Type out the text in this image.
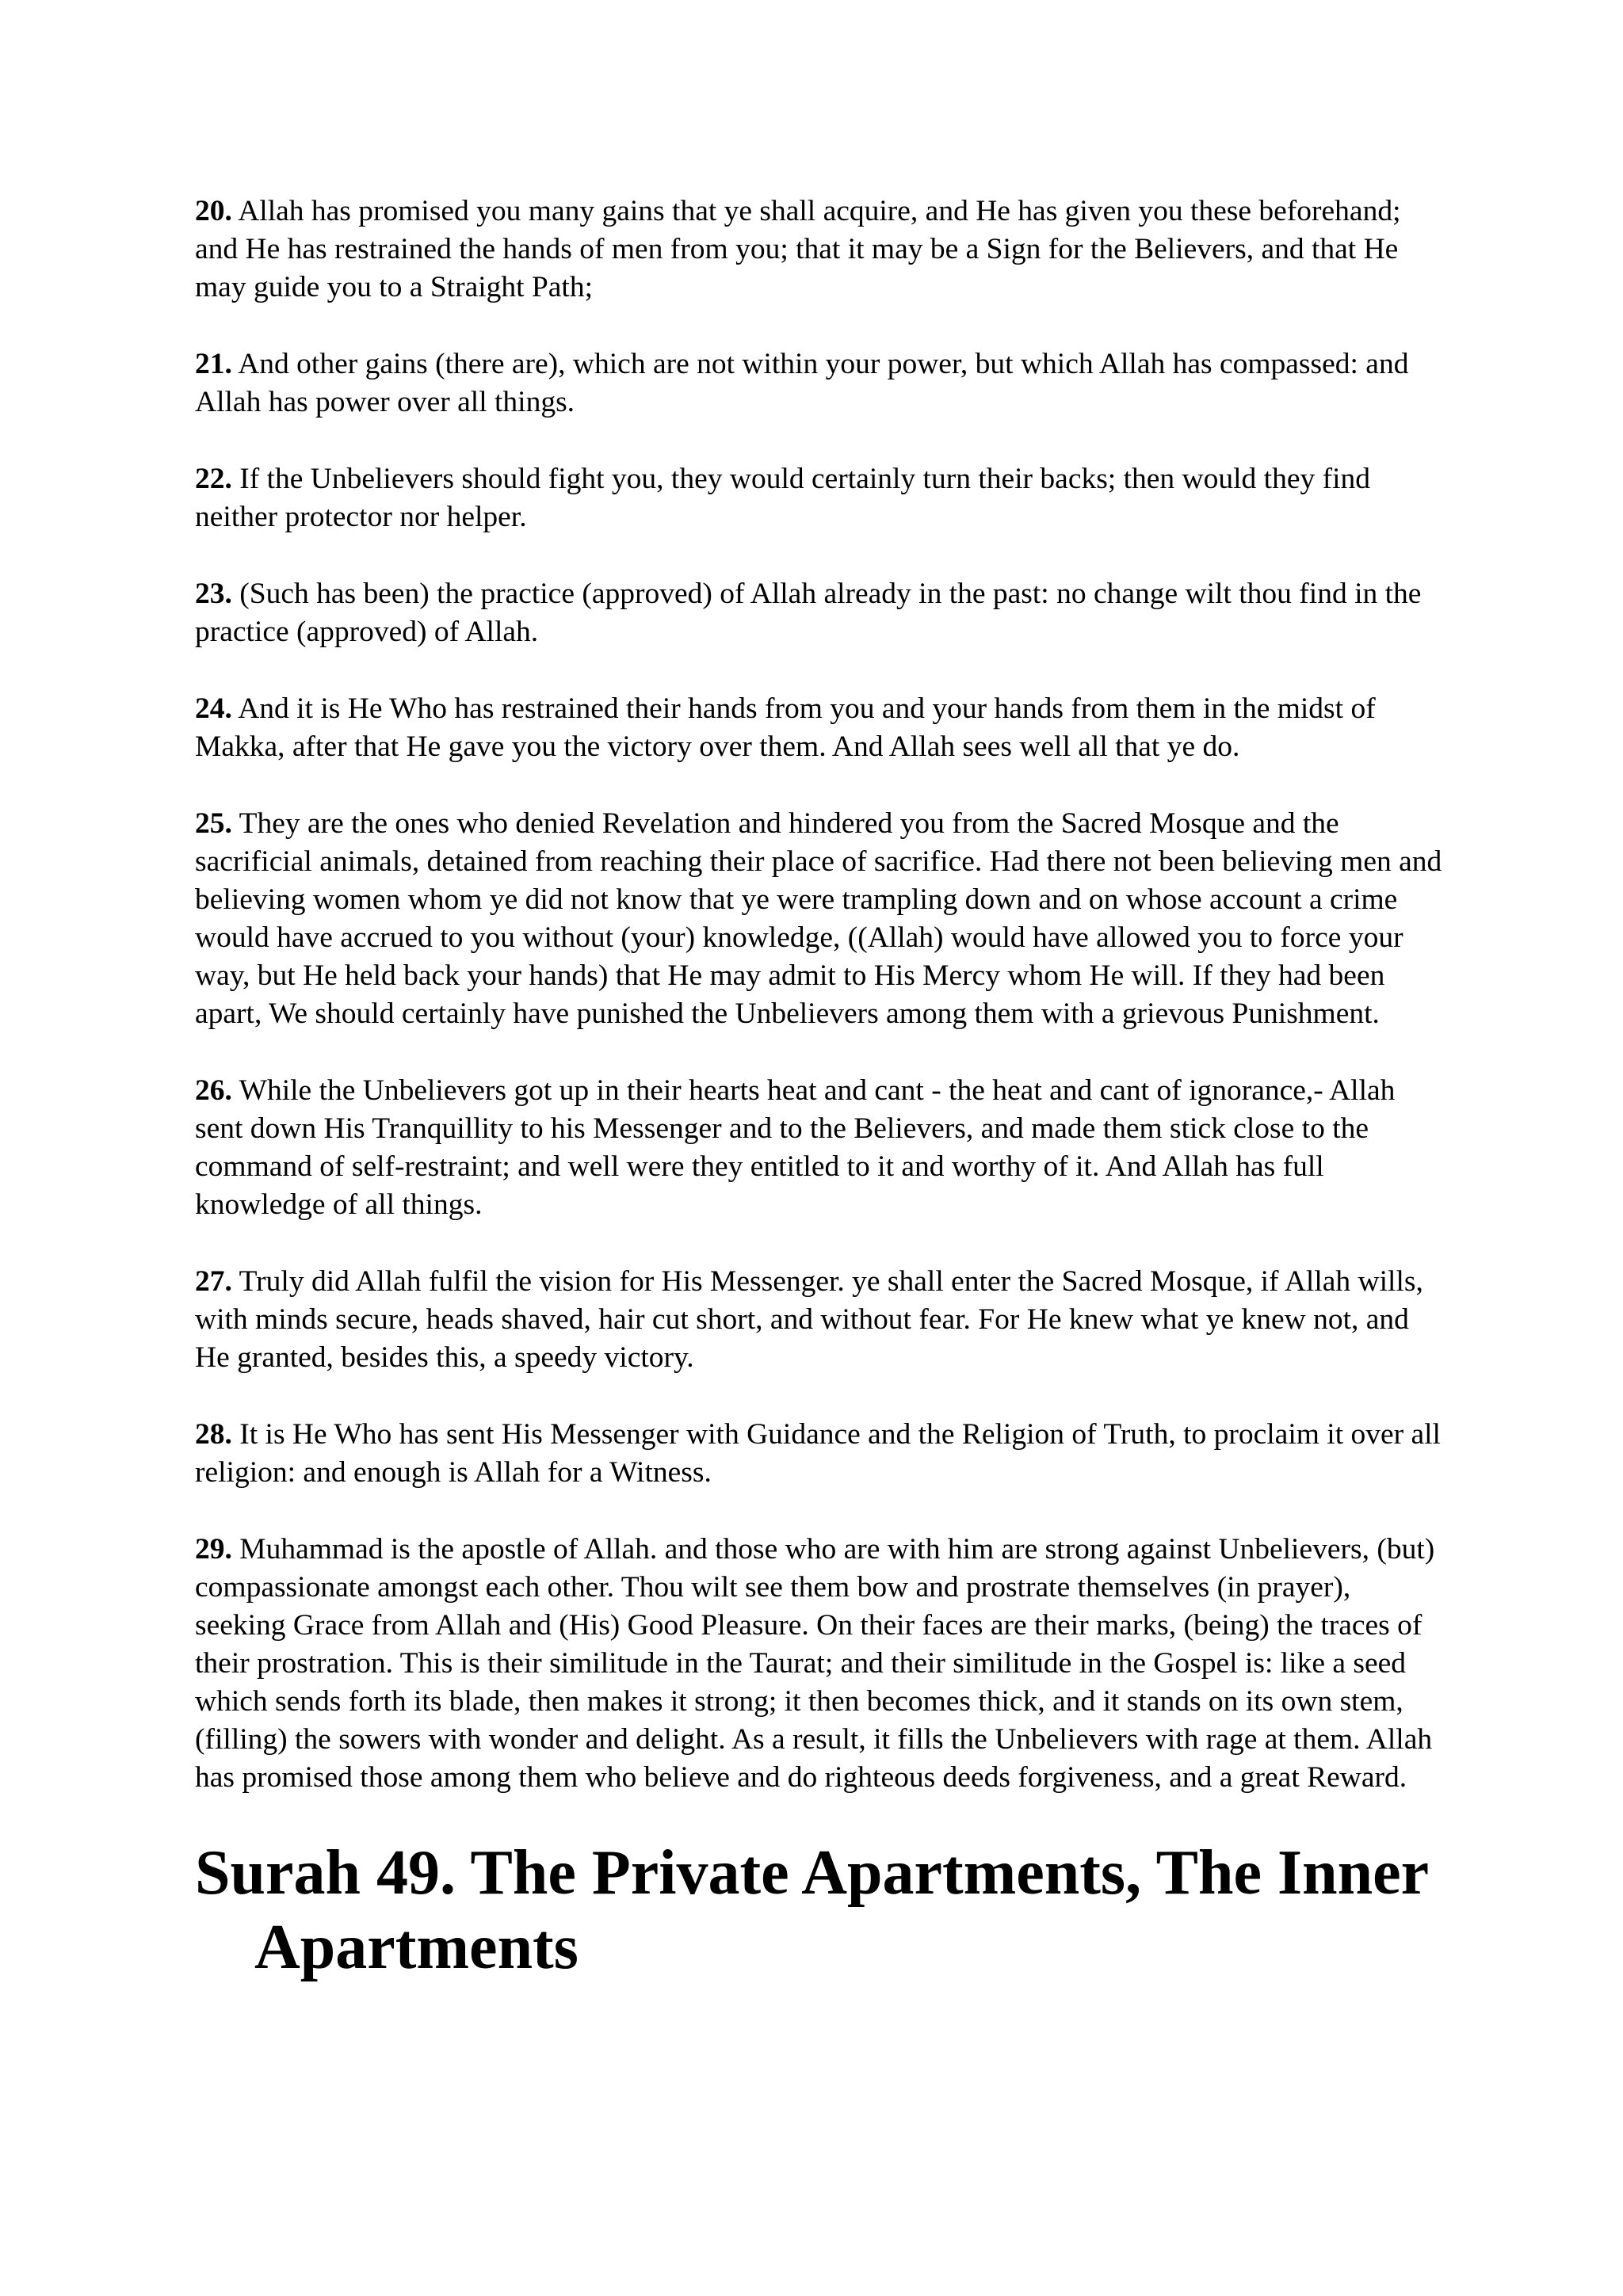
20. Allah has promised you many gains that ye shall acquire, and He has given you these beforehand; and He has restrained the hands of men from you; that it may be a Sign for the Believers, and that He may guide you to a Straight Path;

21. And other gains (there are), which are not within your power, but which Allah has compassed: and Allah has power over all things.

22. If the Unbelievers should fight you, they would certainly turn their backs; then would they find neither protector nor helper.

23. (Such has been) the practice (approved) of Allah already in the past: no change wilt thou find in the practice (approved) of Allah.

24. And it is He Who has restrained their hands from you and your hands from them in the midst of Makka, after that He gave you the victory over them. And Allah sees well all that ye do.

25. They are the ones who denied Revelation and hindered you from the Sacred Mosque and the sacrificial animals, detained from reaching their place of sacrifice. Had there not been believing men and believing women whom ye did not know that ye were trampling down and on whose account a crime would have accrued to you without (your) knowledge, ((Allah) would have allowed you to force your way, but He held back your hands) that He may admit to His Mercy whom He will. If they had been apart, We should certainly have punished the Unbelievers among them with a grievous Punishment.

26. While the Unbelievers got up in their hearts heat and cant - the heat and cant of ignorance,- Allah sent down His Tranquillity to his Messenger and to the Believers, and made them stick close to the command of self-restraint; and well were they entitled to it and worthy of it. And Allah has full knowledge of all things.

27. Truly did Allah fulfil the vision for His Messenger. ye shall enter the Sacred Mosque, if Allah wills, with minds secure, heads shaved, hair cut short, and without fear. For He knew what ye knew not, and He granted, besides this, a speedy victory.

28. It is He Who has sent His Messenger with Guidance and the Religion of Truth, to proclaim it over all religion: and enough is Allah for a Witness.

29. Muhammad is the apostle of Allah. and those who are with him are strong against Unbelievers, (but) compassionate amongst each other. Thou wilt see them bow and prostrate themselves (in prayer), seeking Grace from Allah and (His) Good Pleasure. On their faces are their marks, (being) the traces of their prostration. This is their similitude in the Taurat; and their similitude in the Gospel is: like a seed which sends forth its blade, then makes it strong; it then becomes thick, and it stands on its own stem, (filling) the sowers with wonder and delight. As a result, it fills the Unbelievers with rage at them. Allah has promised those among them who believe and do righteous deeds forgiveness, and a great Reward.

Surah 49. The Private Apartments, The Inner Apartments
